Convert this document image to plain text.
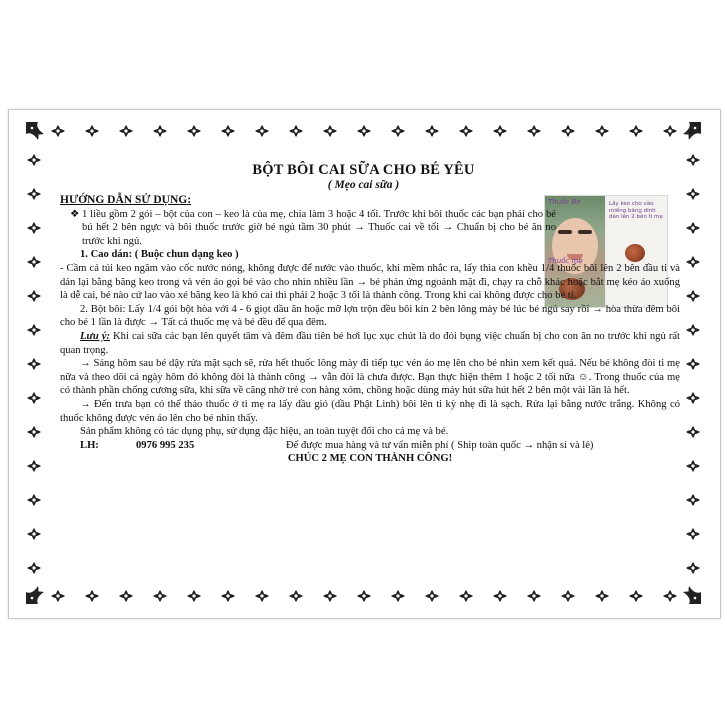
BỘT BÔI CAI SỮA CHO BÉ YÊU
( Mẹo cai sữa )
Thuốc Bé	Lấy keo cho vào miếng băng dính dán lên 2 bên ti mẹ
Thuốc mẹ

HƯỚNG DẪN SỬ DỤNG:

❖ 1 liều gồm 2 gói – bột của con – keo là của mẹ, chia làm 3 hoặc 4 tối. Trước khi bôi thuốc các bạn phải cho bé bú hết 2 bên ngực và bôi thuốc trước giờ bé ngủ tầm 30 phút → Thuốc cai về tối → Chuẩn bị cho bé ăn no trước khi ngủ.

1. Cao dán: ( Buộc chun dạng keo )

- Cầm cả túi keo ngâm vào cốc nước nóng, không được để nước vào thuốc, khi mềm nhắc ra, lấy thìa con khều 1/4 thuốc bôi lên 2 bên đầu ti và dán lại bằng băng keo trong và vén áo gọi bé vào cho nhìn nhiều lần → bé phản ứng ngoảnh mặt đi, chạy ra chỗ khác hoặc bắt mẹ kéo áo xuống là dễ cai, bé nào cứ lao vào xé băng keo là khó cai thì phải 2 hoặc 3 tối là thành công. Trong khi cai không được cho bé ti.

2. Bột bôi: Lấy 1/4 gói bột hòa với 4 - 6 giọt dầu ăn hoặc mỡ lợn trộn đều bôi kín 2 bên lông mày bé lúc bé ngủ say rồi → hòa thừa đêm bôi cho bé 1 lần là được → Tất cả thuốc mẹ và bé đều để qua đêm.

Lưu ý: Khi cai sữa các bạn lên quyết tâm và đêm đầu tiên bé hơi lục xục chút là do đói bụng việc chuẩn bị cho con ăn no trước khi ngủ rất quan trọng.

→ Sáng hôm sau bé dậy rửa mặt sạch sẽ, rửa hết thuốc lông mày đi tiếp tục vén áo mẹ lên cho bé nhìn xem kết quả. Nếu bé không đòi ti mẹ nữa và theo dõi cả ngày hôm đó không đòi là thành công → vẫn đòi là chưa được. Bạn thực hiện thêm 1 hoặc 2 tối nữa ☺. Trong thuốc của mẹ có thành phần chống cương sữa, khi sữa về căng nhờ trẻ con hàng xóm, chồng hoặc dùng máy hút sữa hút hết 2 bên một vài lần là hết.

→ Đến trưa bạn có thể tháo thuốc ở ti mẹ ra lấy dầu gió (dầu Phật Linh) bôi lên ti kỳ nhẹ đi là sạch. Rửa lại bằng nước trắng. Không có thuốc không được vén áo lên cho bé nhìn thấy.

Sản phẩm không có tác dụng phụ, sử dụng đặc hiệu, an toàn tuyệt đối cho cả mẹ và bé.

LH:	0976 995 235	Để được mua hàng và tư vấn miễn phí ( Ship toàn quốc → nhận sỉ và lẻ)

CHÚC 2 MẸ CON THÀNH CÔNG!
